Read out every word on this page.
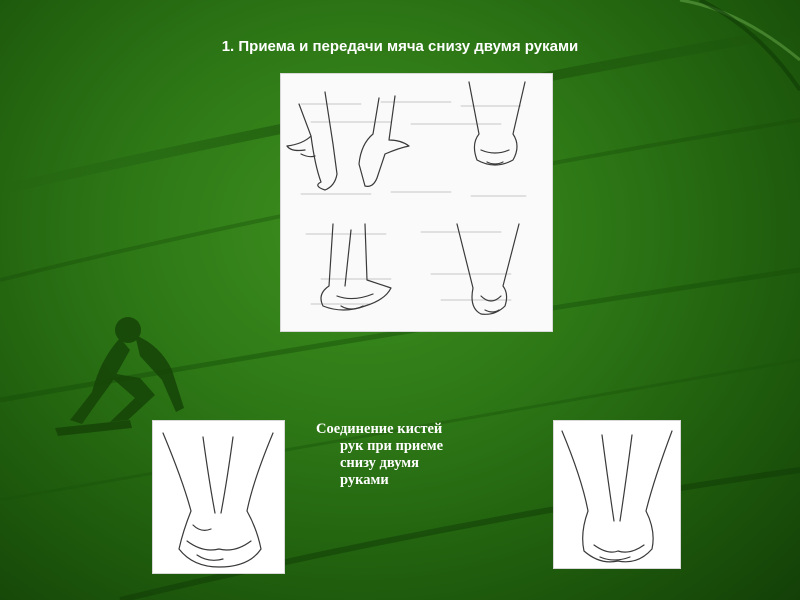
1. Приема и передачи мяча снизу двумя руками
Соединение кистей
рук при приеме
снизу двумя
руками
